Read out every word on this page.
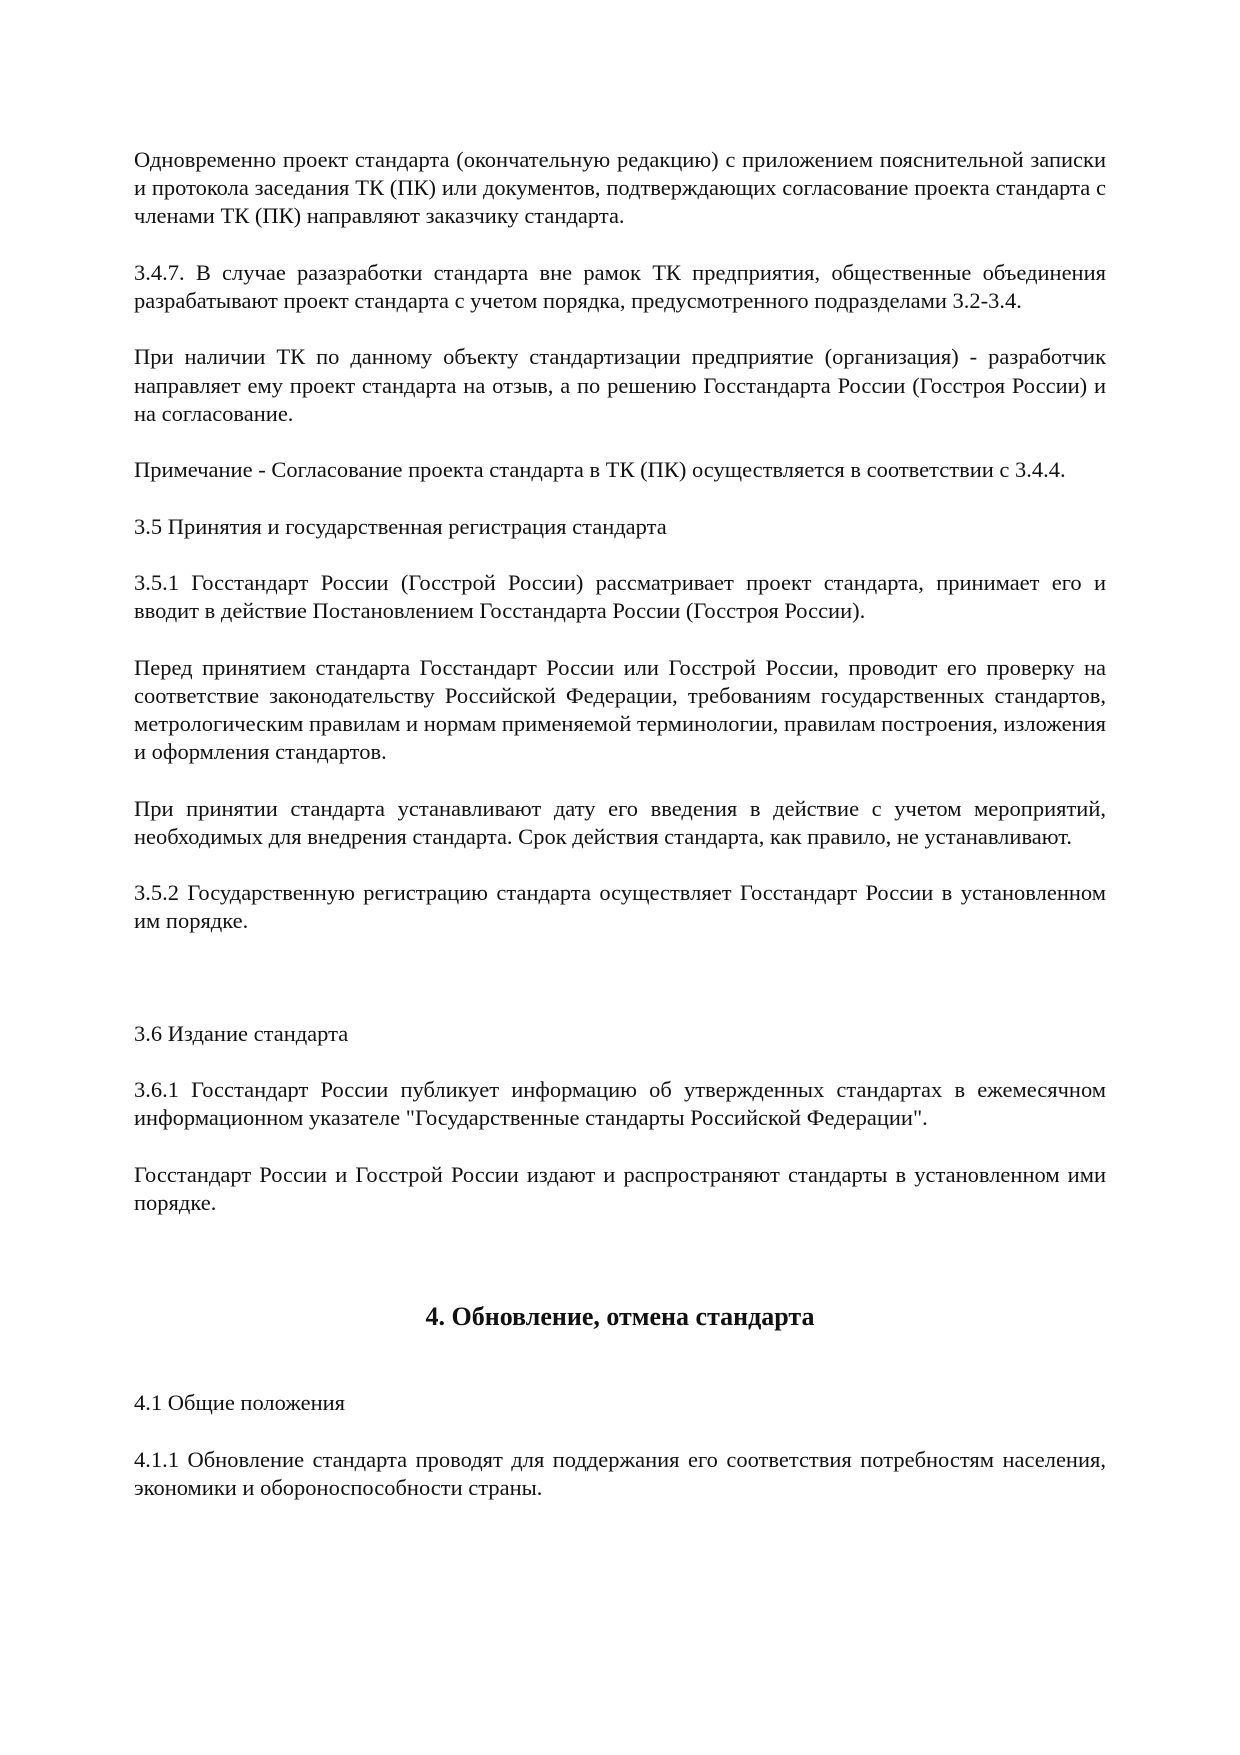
Одновременно проект стандарта (окончательную редакцию) с приложением пояснительной записки и протокола заседания ТК (ПК) или документов, подтверждающих согласование проекта стандарта с членами ТК (ПК) направляют заказчику стандарта.

3.4.7. В случае разазработки стандарта вне рамок ТК предприятия, общественные объединения разрабатывают проект стандарта с учетом порядка, предусмотренного подразделами 3.2-3.4.

При наличии ТК по данному объекту стандартизации предприятие (организация) - разработчик направляет ему проект стандарта на отзыв, а по решению Госстандарта России (Госстроя России) и на согласование.

Примечание - Согласование проекта стандарта в ТК (ПК) осуществляется в соответствии с 3.4.4.

3.5 Принятия и государственная регистрация стандарта

3.5.1 Госстандарт России (Госстрой России) рассматривает проект стандарта, принимает его и вводит в действие Постановлением Госстандарта России (Госстроя России).

Перед принятием стандарта Госстандарт России или Госстрой России, проводит его проверку на соответствие законодательству Российской Федерации, требованиям государственных стандартов, метрологическим правилам и нормам применяемой терминологии, правилам построения, изложения и оформления стандартов.

При принятии стандарта устанавливают дату его введения в действие с учетом мероприятий, необходимых для внедрения стандарта. Срок действия стандарта, как правило, не устанавливают.

3.5.2 Государственную регистрацию стандарта осуществляет Госстандарт России в установленном им порядке.

3.6 Издание стандарта

3.6.1 Госстандарт России публикует информацию об утвержденных стандартах в ежемесячном информационном указателе "Государственные стандарты Российской Федерации".

Госстандарт России и Госстрой России издают и распространяют стандарты в установленном ими порядке.

4. Обновление, отмена стандарта

4.1 Общие положения

4.1.1 Обновление стандарта проводят для поддержания его соответствия потребностям населения, экономики и обороноспособности страны.
